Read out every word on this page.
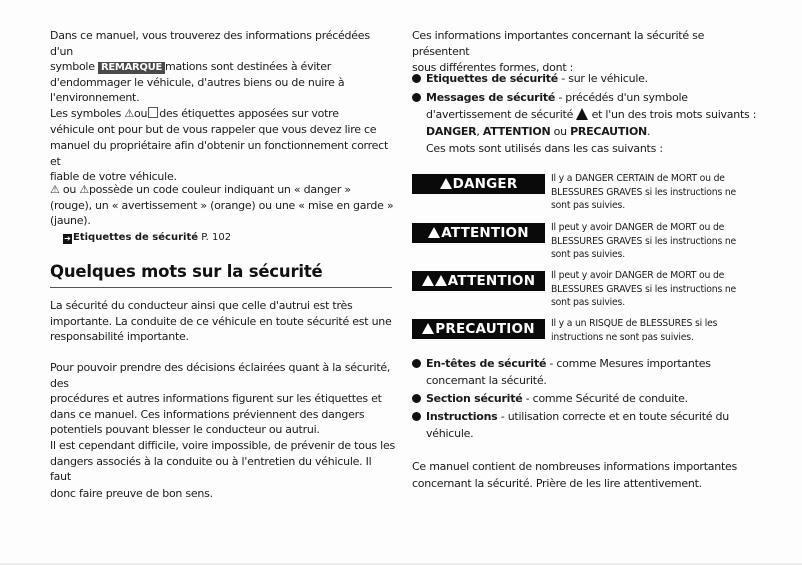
Dans ce manuel, vous trouverez des informations précédées d'un

symbole REMARQUE mations sont destinées à éviter

d'endommager le véhicule, d'autres biens ou de nuire à

l'environnement.

Les symboles ⚠ou des étiquettes apposées sur votre

véhicule ont pour but de vous rappeler que vous devez lire ce

manuel du propriétaire afin d'obtenir un fonctionnement correct et

fiable de votre véhicule.

⚠ ou ⚠possède un code couleur indiquant un « danger »

(rouge), un « avertissement » (orange) ou une « mise en garde »

(jaune).

➔ Etiquettes de sécurité P. 102

Quelques mots sur la sécurité

La sécurité du conducteur ainsi que celle d'autrui est très

importante. La conduite de ce véhicule en toute sécurité est une

responsabilité importante.

Pour pouvoir prendre des décisions éclairées quant à la sécurité, des

procédures et autres informations figurent sur les étiquettes et

dans ce manuel. Ces informations préviennent des dangers

potentiels pouvant blesser le conducteur ou autrui.

Il est cependant difficile, voire impossible, de prévenir de tous les

dangers associés à la conduite ou à l'entretien du véhicule. Il faut

donc faire preuve de bon sens.

Ces informations importantes concernant la sécurité se présentent

sous différentes formes, dont :

Etiquettes de sécurité - sur le véhicule.
Messages de sécurité - précédés d'un symbole
d'avertissement de sécurité et l'un des trois mots suivants :
DANGER, ATTENTION ou PRECAUTION.
Ces mots sont utilisés dans les cas suivants :
DANGER	Il y a DANGER CERTAIN de MORT ou de
BLESSURES GRAVES si les instructions ne
sont pas suivies.
ATTENTION	Il peut y avoir DANGER de MORT ou de
BLESSURES GRAVES si les instructions ne
sont pas suivies.
ATTENTION	Il peut y avoir DANGER de MORT ou de
BLESSURES GRAVES si les instructions ne
sont pas suivies.
PRECAUTION	Il y a un RISQUE de BLESSURES si les
instructions ne sont pas suivies.
En-têtes de sécurité - comme Mesures importantes
concernant la sécurité.
Section sécurité - comme Sécurité de conduite.
Instructions - utilisation correcte et en toute sécurité du
véhicule.

Ce manuel contient de nombreuses informations importantes

concernant la sécurité. Prière de les lire attentivement.
